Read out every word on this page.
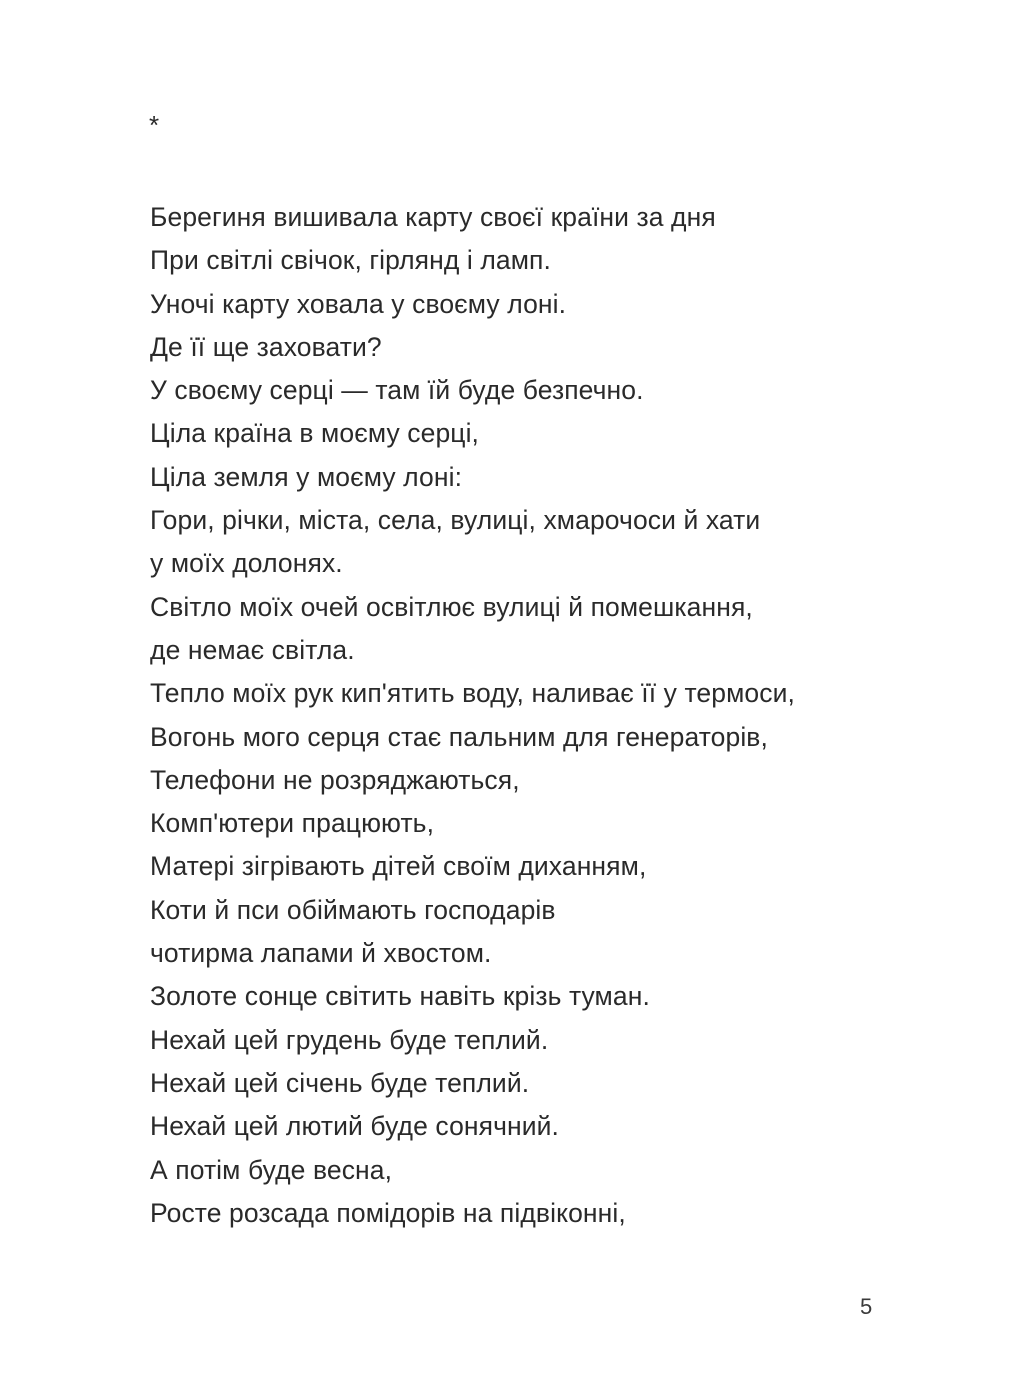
*
Берегиня вишивала карту своєї країни за дня
При світлі свічок, гірлянд і ламп.
Уночі карту ховала у своєму лоні.
Де її ще заховати?
У своєму серці — там їй буде безпечно.
Ціла країна в моєму серці,
Ціла земля у моєму лоні:
Гори, річки, міста, села, вулиці, хмарочоси й хати
у моїх долонях.
Світло моїх очей освітлює вулиці й помешкання,
де немає світла.
Тепло моїх рук кип'ятить воду, наливає її у термоси,
Вогонь мого серця стає пальним для генераторів,
Телефони не розряджаються,
Комп'ютери працюють,
Матері зігрівають дітей своїм диханням,
Коти й пси обіймають господарів
чотирма лапами й хвостом.
Золоте сонце світить навіть крізь туман.
Нехай цей грудень буде теплий.
Нехай цей січень буде теплий.
Нехай цей лютий буде сонячний.
А потім буде весна,
Росте розсада помідорів на підвіконні,
5
